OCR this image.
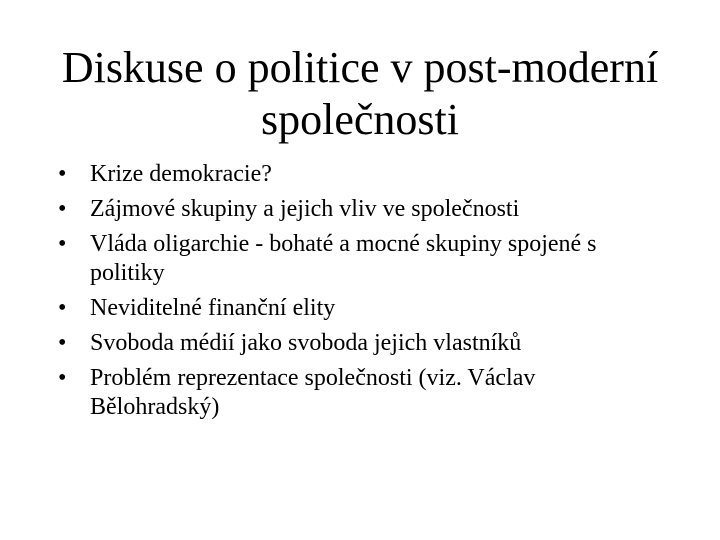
Diskuse o politice v post-moderní
společnosti
• Krize demokracie?
• Zájmové skupiny a jejich vliv ve společnosti
• Vláda oligarchie - bohaté a mocné skupiny spojené s politiky
• Neviditelné finanční elity
• Svoboda médií jako svoboda jejich vlastníků
• Problém reprezentace společnosti (viz. Václav Bělohradský)
